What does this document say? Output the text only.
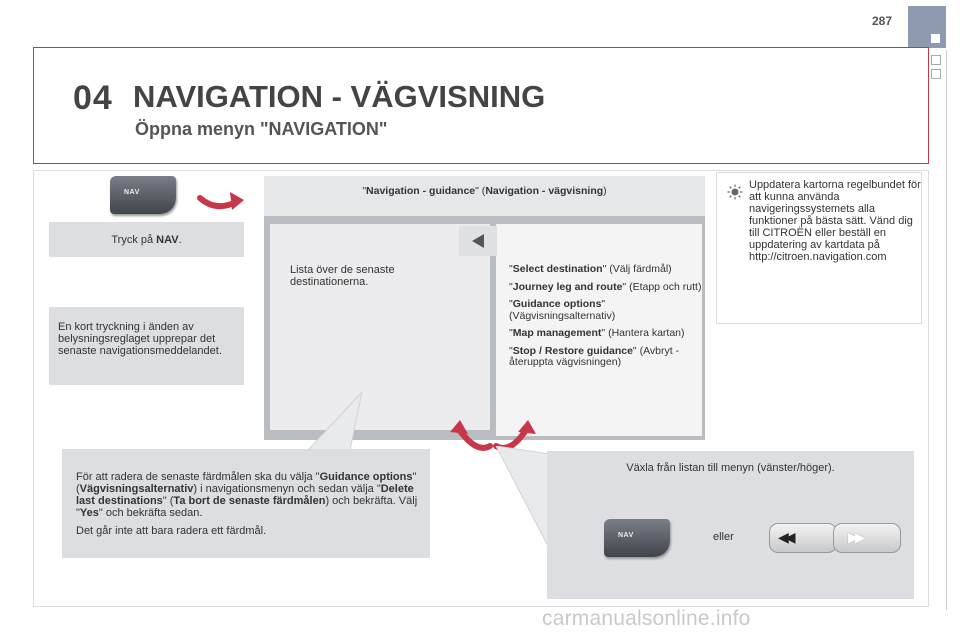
287
04 NAVIGATION - VÄGVISNING
Öppna menyn "NAVIGATION"
NAV
Tryck på NAV.
En kort tryckning i änden av belysningsreglaget upprepar det senaste navigationsmeddelandet.
"Navigation - guidance" (Navigation - vägvisning)
Lista över de senaste destinationerna.
"Select destination" (Välj färdmål)
"Journey leg and route" (Etapp och rutt)
"Guidance options" (Vägvisningsalternativ)
"Map management" (Hantera kartan)
"Stop / Restore guidance" (Avbryt - återuppta vägvisningen)
Uppdatera kartorna regelbundet för att kunna använda navigeringssystemets alla funktioner på bästa sätt. Vänd dig till CITROËN eller beställ en uppdatering av kartdata på http://citroen.navigation.com

För att radera de senaste färdmålen ska du välja "Guidance options" (Vägvisningsalternativ) i navigationsmenyn och sedan välja "Delete last destinations" (Ta bort de senaste färdmålen) och bekräfta. Välj "Yes" och bekräfta sedan.

Det går inte att bara radera ett färdmål.

Växla från listan till menyn (vänster/höger).
NAV	eller	◀◀	▶▶
carmanualsonline.info
